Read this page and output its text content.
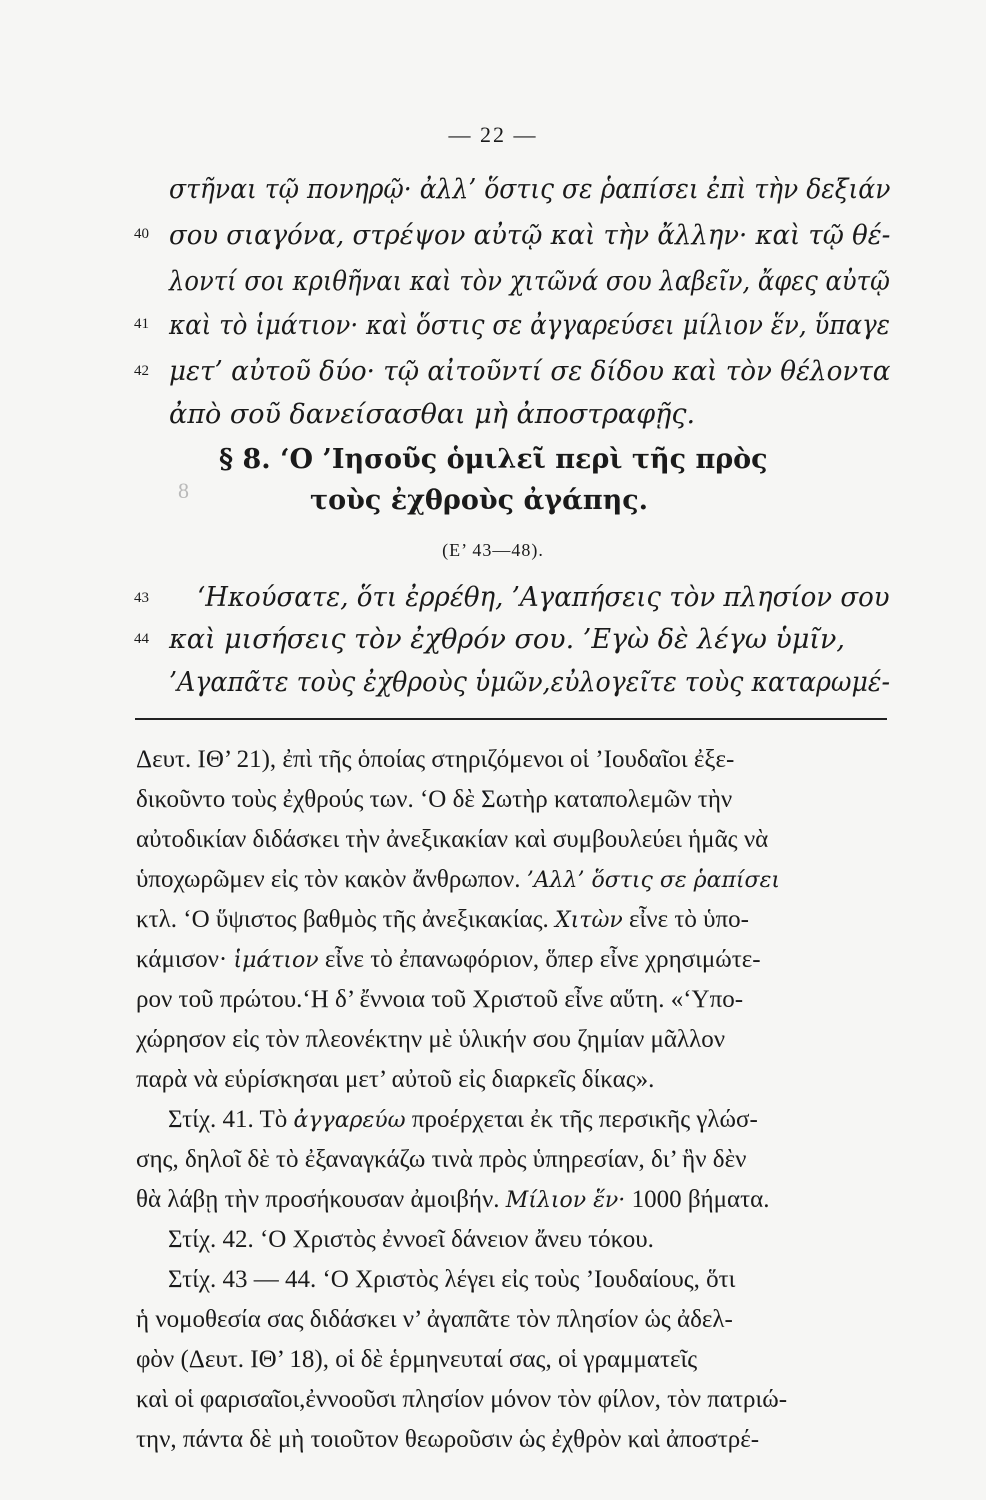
— 22 —
στῆναι τῷ πονηρῷ· ἀλλ’ ὅστις σε ῥαπίσει ἐπὶ τὴν δεξιάν
40 σου σιαγόνα, στρέψον αὐτῷ καὶ τὴν ἄλλην· καὶ τῷ θέ-
λοντί σοι κριθῆναι καὶ τὸν χιτῶνά σου λαβεῖν, ἄφες αὐτῷ
41 καὶ τὸ ἱμάτιον· καὶ ὅστις σε ἀγγαρεύσει μίλιον ἕν, ὕπαγε
42 μετ’ αὐτοῦ δύο· τῷ αἰτοῦντί σε δίδου καὶ τὸν θέλοντα
ἀπὸ σοῦ δανείσασθαι μὴ ἀποστραφῇς.
8
§ 8. ‘Ο ’Ιησοῦς ὁμιλεῖ περὶ τῆς πρὸς
τοὺς ἐχθροὺς ἀγάπης.
(Ε’ 43—48).
43 ‘Ηκούσατε, ὅτι ἐρρέθη, ’Αγαπήσεις τὸν πλησίον σου
44 καὶ μισήσεις τὸν ἐχθρόν σου. ’Εγὼ δὲ λέγω ὑμῖν,
’Αγαπᾶτε τοὺς ἐχθροὺς ὑμῶν,εὐλογεῖτε τοὺς καταρωμέ-
Δευτ. ΙΘ’ 21), ἐπὶ τῆς ὁποίας στηριζόμενοι οἱ ’Ιουδαῖοι ἐξε-
δικοῦντο τοὺς ἐχθρούς των. ‘Ο δὲ Σωτὴρ καταπολεμῶν τὴν
αὐτοδικίαν διδάσκει τὴν ἀνεξικακίαν καὶ συμβουλεύει ἡμᾶς νὰ
ὑποχωρῶμεν εἰς τὸν κακὸν ἄνθρωπον. ’Αλλ’ ὅστις σε ῥαπίσει
κτλ. ‘Ο ὕψιστος βαθμὸς τῆς ἀνεξικακίας. Χιτὼν εἶνε τὸ ὑπο-
κάμισον· ἱμάτιον εἶνε τὸ ἐπανωφόριον, ὅπερ εἶνε χρησιμώτε-
ρον τοῦ πρώτου.‘Η δ’ ἔννοια τοῦ Χριστοῦ εἶνε αὕτη. «‘Υπο-
χώρησον εἰς τὸν πλεονέκτην μὲ ὑλικήν σου ζημίαν μᾶλλον
παρὰ νὰ εὑρίσκησαι μετ’ αὐτοῦ εἰς διαρκεῖς δίκας».
Στίχ. 41. Τὸ ἀγγαρεύω προέρχεται ἐκ τῆς περσικῆς γλώσ-
σης, δηλοῖ δὲ τὸ ἐξαναγκάζω τινὰ πρὸς ὑπηρεσίαν, δι’ ἣν δὲν
θὰ λάβῃ τὴν προσήκουσαν ἀμοιβήν. Μίλιον ἕν· 1000 βήματα.
Στίχ. 42. ‘Ο Χριστὸς ἐννοεῖ δάνειον ἄνευ τόκου.
Στίχ. 43 — 44. ‘Ο Χριστὸς λέγει εἰς τοὺς ’Ιουδαίους, ὅτι
ἡ νομοθεσία σας διδάσκει ν’ ἀγαπᾶτε τὸν πλησίον ὡς ἀδελ-
φὸν (Δευτ. ΙΘ’ 18), οἱ δὲ ἑρμηνευταί σας, οἱ γραμματεῖς
καὶ οἱ φαρισαῖοι,ἐννοοῦσι πλησίον μόνον τὸν φίλον, τὸν πατριώ-
την, πάντα δὲ μὴ τοιοῦτον θεωροῦσιν ὡς ἐχθρὸν καὶ ἀποστρέ-
